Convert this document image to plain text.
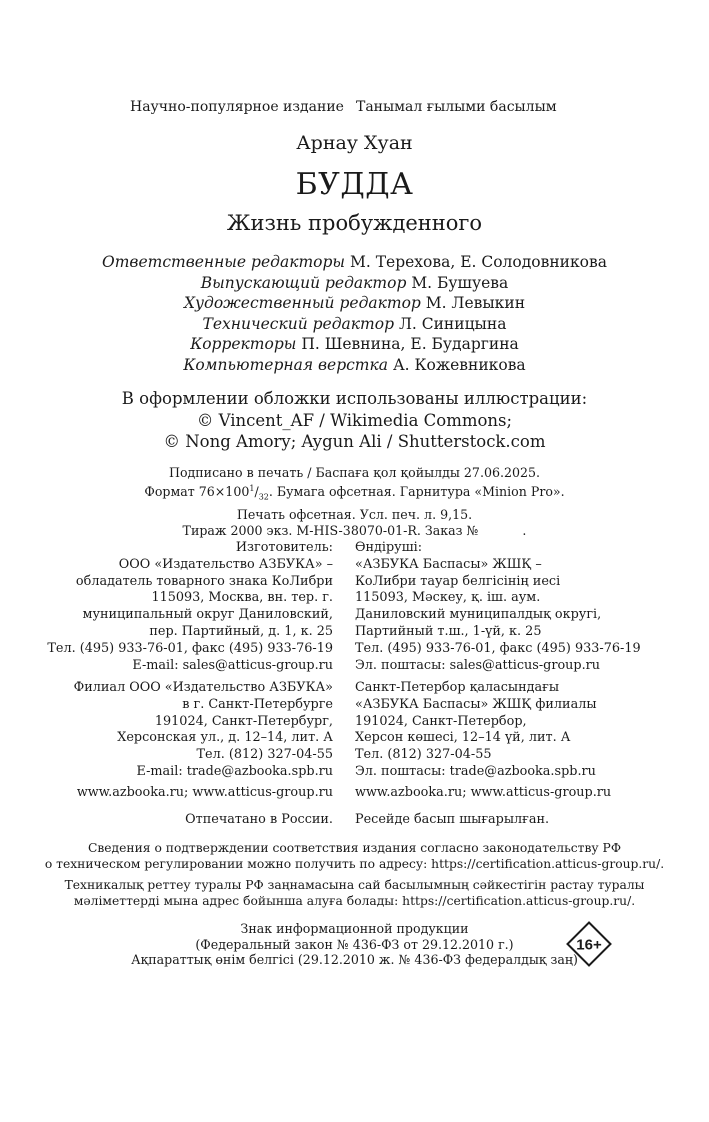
Научно-популярное издание Танымал ғылыми басылым
Арнау Хуан
БУДДА
Жизнь пробужденного
Ответственные редакторы М. Терехова, Е. Солодовникова
Выпускающий редактор М. Бушуева
Художественный редактор М. Левыкин
Технический редактор Л. Синицына
Корректоры П. Шевнина, Е. Бударгина
Компьютерная верстка А. Кожевникова
В оформлении обложки использованы иллюстрации:
© Vincent_AF / Wikimedia Commons;
© Nong Amory; Aygun Ali / Shutterstock.com
Подписано в печать / Баспаға қол қойылды 27.06.2025.
Формат $76\times 100^1/_{32}$. Бумага офсетная. Гарнитура «Minion Pro».
Печать офсетная. Усл. печ. л. 9,15.
Тираж 2000 экз. M-HIS-38070-01-R. Заказ №	.
Изготовитель:
ООО «Издательство АЗБУКА» –
обладатель товарного знака КоЛибри
115093, Москва, вн. тер. г.
муниципальный округ Даниловский,
пер. Партийный, д. 1, к. 25
Тел. (495) 933-76-01, факс (495) 933-76-19
E-mail: sales@atticus-group.ru
Өндіруші:
«АЗБУКА Баспасы» ЖШҚ –
КоЛибри тауар белгісінің иесі
115093, Мәскеу, қ. іш. аум.
Даниловский муниципалдық округі,
Партийный т.ш., 1-үй, к. 25
Тел. (495) 933-76-01, факс (495) 933-76-19
Эл. поштасы: sales@atticus-group.ru
Филиал ООО «Издательство АЗБУКА»
в г. Санкт-Петербурге
191024, Санкт-Петербург,
Херсонская ул., д. 12–14, лит. А
Тел. (812) 327-04-55
E-mail: trade@azbooka.spb.ru
Санкт-Петербор қаласындағы
«АЗБУКА Баспасы» ЖШҚ филиалы
191024, Санкт-Петербор,
Херсон көшесі, 12–14 үй, лит. А
Тел. (812) 327-04-55
Эл. поштасы: trade@azbooka.spb.ru
www.azbooka.ru; www.atticus-group.ru www.azbooka.ru; www.atticus-group.ru
Отпечатано в России. Ресейде басып шығарылған.
Сведения о подтверждении соответствия издания согласно законодательству РФ
о техническом регулировании можно получить по адресу: https://certification.atticus-group.ru/.
Техникалық реттеу туралы РФ заңнамасына сай басылымның сәйкестігін растау туралы
мәліметтерді мына адрес бойынша алуға болады: https://certification.atticus-group.ru/.
Знак информационной продукции
(Федеральный закон № 436-ФЗ от 29.12.2010 г.)
Ақпараттық өнім белгісі (29.12.2010 ж. № 436-ФЗ федералдық заң)
16+
